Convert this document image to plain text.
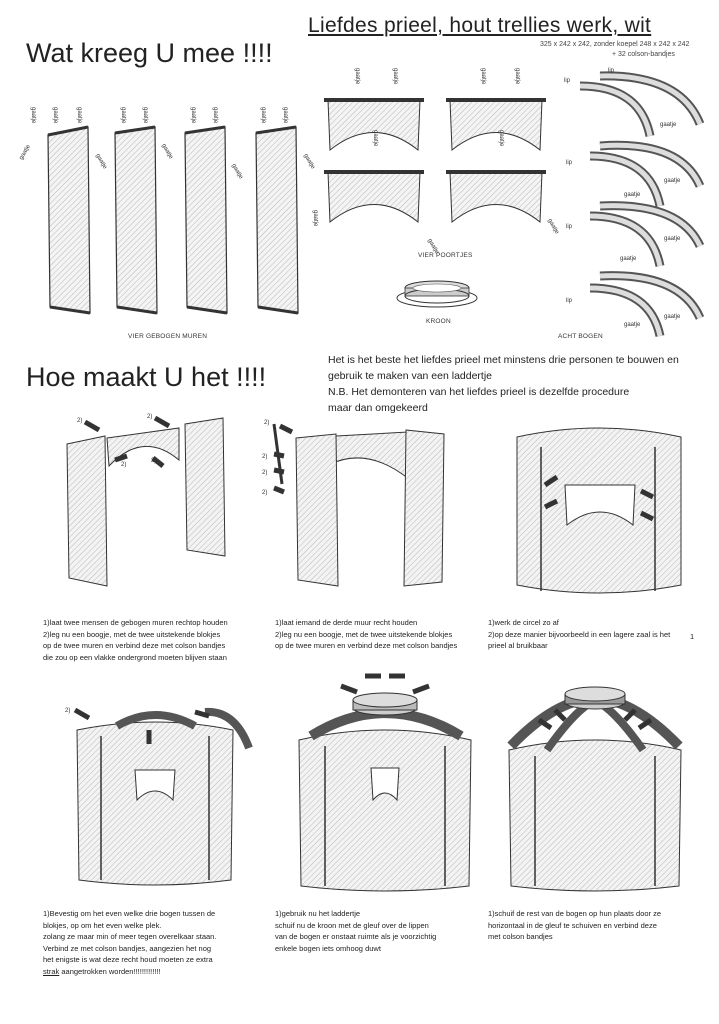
Liefdes prieel, hout trellies werk, wit
325 x 242 x 242, zonder koepel 248 x 242 x 242
+ 32 colson-bandjes
Wat kreeg U mee !!!!
gaatje
gaatje	gaatje	gaatje
gaatje
gaatje	gaatje
gaatje
gaatje	gaatje
gaatje
gaatje	gaatje
gaatje
VIER GEBOGEN MUREN
gaatje	gaatje	gaatje	gaatje
gaatje	gaatje
gaatje
gaatje
gaatje
VIER POORTJES
KROON
lip
lip
gaatje
lip
gaatje
gaatje
lip
gaatje
gaatje
lip
gaatje
gaatje
ACHT BOGEN
Hoe maakt U het !!!!
Het is het beste het liefdes prieel met minstens drie personen te bouwen en
gebruik te maken van een laddertje
N.B. Het demonteren van het liefdes prieel is dezelfde procedure
maar dan omgekeerd
2)
2)
2)
2)
2)
2)
2)
2)
1)laat twee mensen de gebogen muren rechtop houden
2)leg nu een boogje, met de twee uitstekende blokjes
op de twee muren en verbind deze met colson bandjes
die zou op een vlakke ondergrond moeten blijven staan
1)laat iemand de derde muur recht houden
2)leg nu een boogje, met de twee uitstekende blokjes
op de twee muren en verbind deze met colson bandjes
1)werk de circel zo af
2)op deze manier bijvoorbeeld in een lagere zaal is het
prieel al bruikbaar
1
2)
1)Bevestig om het even welke drie bogen tussen de
blokjes, op om het even welke plek.
zolang ze maar min of meer tegen overelkaar staan.
Verbind ze met colson bandjes, aangezien het nog
het enigste is wat deze recht houd moeten ze extra
strak aangetrokken worden!!!!!!!!!!!!!
1)gebruik nu het laddertje
schuif nu de kroon met de gleuf over de lippen
van de bogen er onstaat ruimte als je voorzichtig
enkele bogen iets omhoog duwt
1)schuif de rest van de bogen op hun plaats door ze
horizontaal in de gleuf te schuiven en verbind deze
met colson bandjes
